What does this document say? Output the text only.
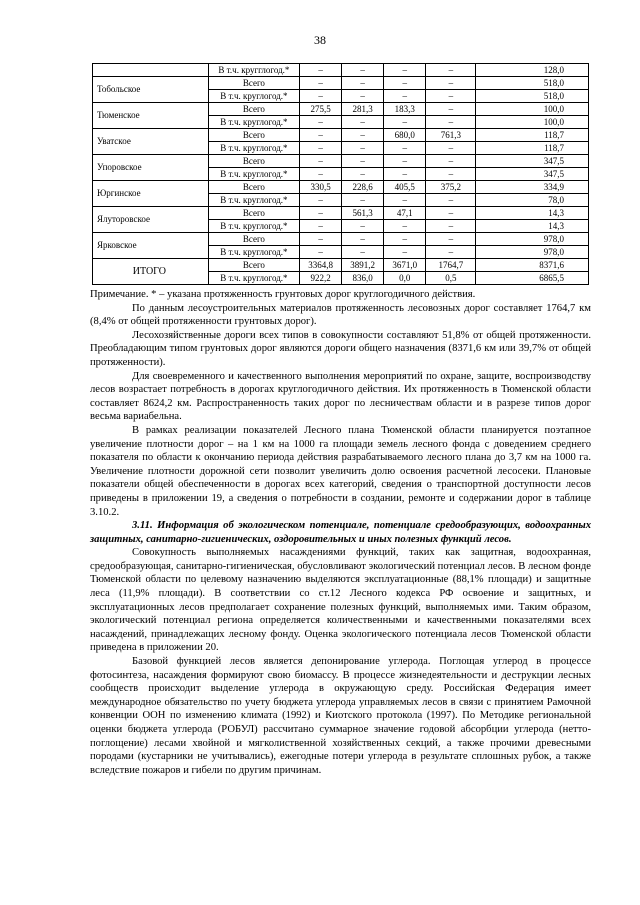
38
	В т.ч. кругглогод.*	–	–	–	–	128,0
Тобольское	Всего	–	–	–	–	518,0
	В т.ч. круглогод.*	–	–	–	–	518,0
Тюменское	Всего	275,5	281,3	183,3	–	100,0
	В т.ч. круглогод.*	–	–	–	–	100,0
Уватское	Всего	–	–	680,0	761,3	118,7
	В т.ч. круглогод.*	–	–	–	–	118,7
Упоровское	Всего	–	–	–	–	347,5
	В т.ч. круглогод.*	–	–	–	–	347,5
Юргинское	Всего	330,5	228,6	405,5	375,2	334,9
	В т.ч. круглогод.*	–	–	–	–	78,0
Ялуторовское	Всего	–	561,3	47,1	–	14,3
	В т.ч. круглогод.*	–	–	–	–	14,3
Ярковское	Всего	–	–	–	–	978,0
	В т.ч. круглогод.*	–	–	–	–	978,0
ИТОГО	Всего	3364,8	3891,2	3671,0	1764,7	8371,6
	В т.ч. круглогод.*	922,2	836,0	0,0	0,5	6865,5

Примечание. * – указана протяженность грунтовых дорог круглогодичного действия.

По данным лесоустроительных материалов протяженность лесовозных дорог составляет 1764,7 км (8,4% от общей протяженности грунтовых дорог).

Лесохозяйственные дороги всех типов в совокупности составляют 51,8% от общей протяженности. Преобладающим типом грунтовых дорог являются дороги общего назначения (8371,6 км или 39,7% от общей протяженности).

Для своевременного и качественного выполнения мероприятий по охране, защите, воспроизводству лесов возрастает потребность в дорогах круглогодичного действия. Их протяженность в Тюменской области составляет 8624,2 км. Распространенность таких дорог по лесничествам области и в разрезе типов дорог весьма вариабельна.

В рамках реализации показателей Лесного плана Тюменской области планируется поэтапное увеличение плотности дорог – на 1 км на 1000 га площади земель лесного фонда с доведением среднего показателя по области к окончанию периода действия разрабатываемого лесного плана до 3,7 км на 1000 га. Увеличение плотности дорожной сети позволит увеличить долю освоения расчетной лесосеки. Плановые показатели общей обеспеченности в дорогах всех категорий, сведения о транспортной доступности лесов приведены в приложении 19, а сведения о потребности в создании, ремонте и содержании дорог в таблице 3.10.2.

3.11. Информация об экологическом потенциале, потенциале средообразующих, водоохранных защитных, санитарно-гигиенических, оздоровительных и иных полезных функций лесов.

Совокупность выполняемых насаждениями функций, таких как защитная, водоохранная, средообразующая, санитарно-гигиеническая, обусловливают экологический потенциал лесов. В лесном фонде Тюменской области по целевому назначению выделяются эксплуатационные (88,1% площади) и защитные леса (11,9% площади). В соответствии со ст.12 Лесного кодекса РФ освоение и защитных, и эксплуатационных лесов предполагает сохранение полезных функций, выполняемых ими. Таким образом, экологический потенциал региона определяется количественными и качественными показателями всех насаждений, принадлежащих лесному фонду. Оценка экологического потенциала лесов Тюменской области приведена в приложении 20.

Базовой функцией лесов является депонирование углерода. Поглощая углерод в процессе фотосинтеза, насаждения формируют свою биомассу. В процессе жизнедеятельности и деструкции лесных сообществ происходит выделение углерода в окружающую среду. Российская Федерация имеет международное обязательство по учету бюджета углерода управляемых лесов в связи с принятием Рамочной конвенции ООН по изменению климата (1992) и Киотского протокола (1997). По Методике региональной оценки бюджета углерода (РОБУЛ) рассчитано суммарное значение годовой абсорбции углерода (нетто-поглощение) лесами хвойной и мягколиственной хозяйственных секций, а также прочими древесными породами (кустарники не учитывались), ежегодные потери углерода в результате сплошных рубок, а также вследствие пожаров и гибели по другим причинам.
